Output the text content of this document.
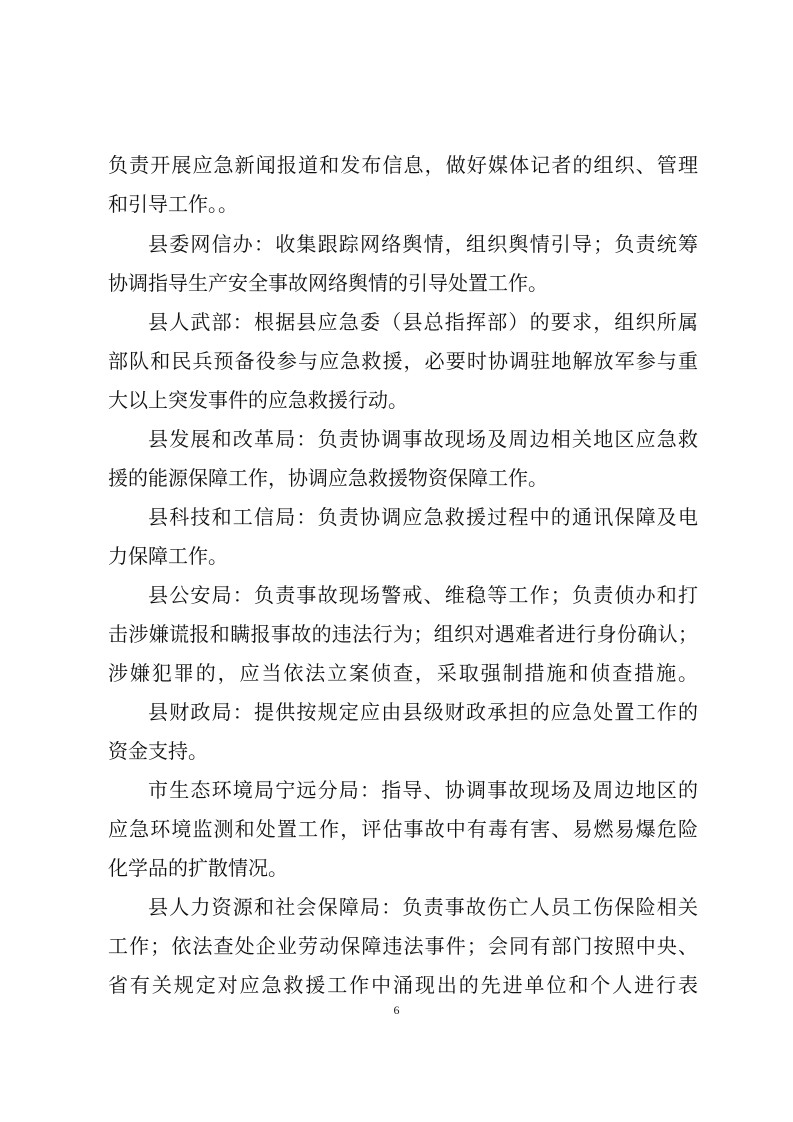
负责开展应急新闻报道和发布信息，做好媒体记者的组织、管理
和引导工作。。
县委网信办：收集跟踪网络舆情，组织舆情引导；负责统筹
协调指导生产安全事故网络舆情的引导处置工作。
县人武部：根据县应急委（县总指挥部）的要求，组织所属
部队和民兵预备役参与应急救援，必要时协调驻地解放军参与重
大以上突发事件的应急救援行动。
县发展和改革局：负责协调事故现场及周边相关地区应急救
援的能源保障工作，协调应急救援物资保障工作。
县科技和工信局：负责协调应急救援过程中的通讯保障及电
力保障工作。
县公安局：负责事故现场警戒、维稳等工作；负责侦办和打
击涉嫌谎报和瞒报事故的违法行为；组织对遇难者进行身份确认；
涉嫌犯罪的，应当依法立案侦查，采取强制措施和侦查措施。
县财政局：提供按规定应由县级财政承担的应急处置工作的
资金支持。
市生态环境局宁远分局：指导、协调事故现场及周边地区的
应急环境监测和处置工作，评估事故中有毒有害、易燃易爆危险
化学品的扩散情况。
县人力资源和社会保障局：负责事故伤亡人员工伤保险相关
工作；依法查处企业劳动保障违法事件；会同有部门按照中央、
省有关规定对应急救援工作中涌现出的先进单位和个人进行表
6
